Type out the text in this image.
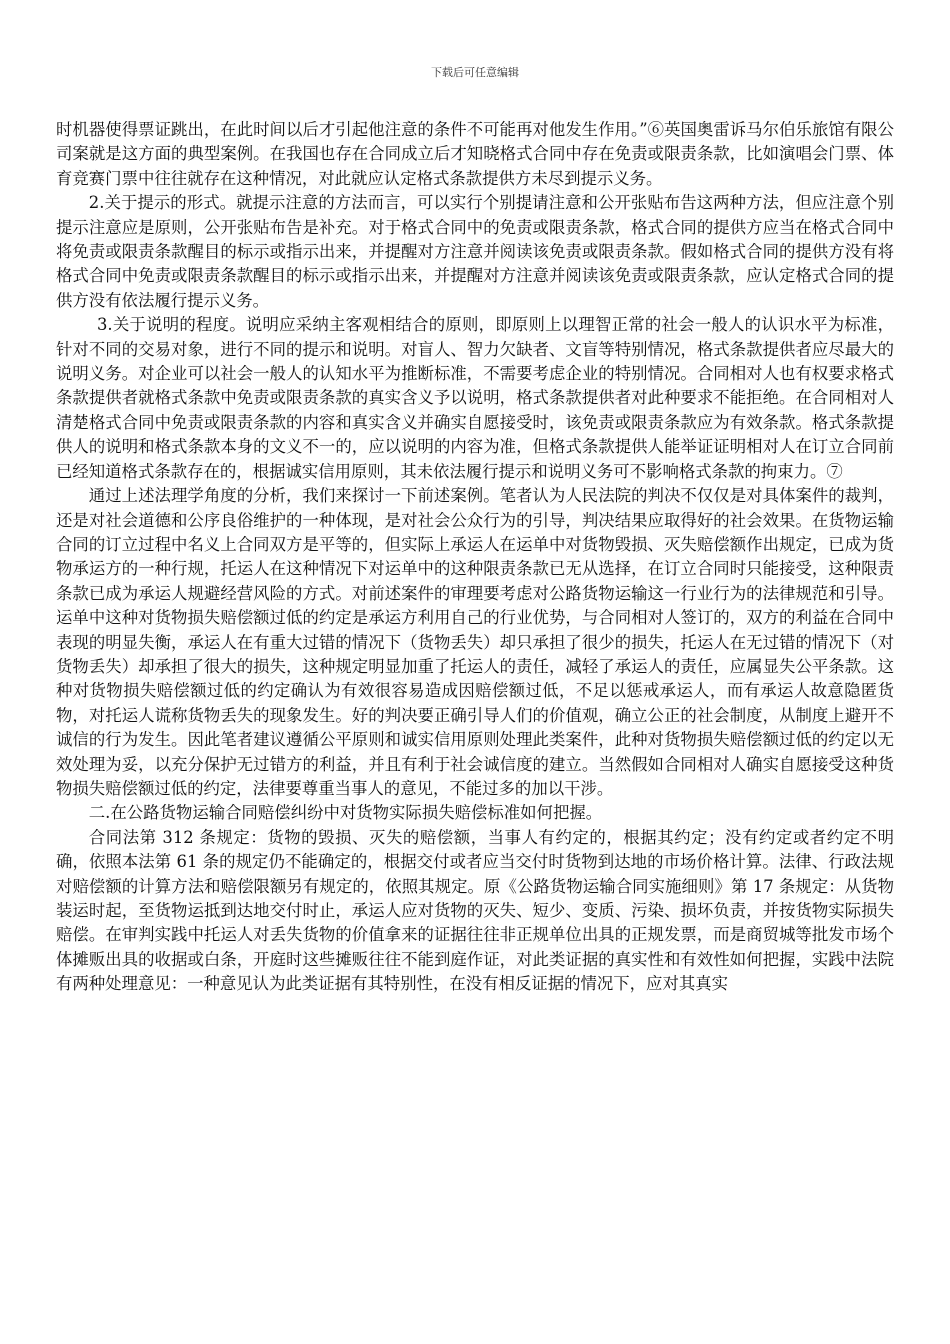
下载后可任意编辑

时机器使得票证跳出，在此时间以后才引起他注意的条件不可能再对他发生作用。”⑥英国奥雷诉马尔伯乐旅馆有限公司案就是这方面的典型案例。在我国也存在合同成立后才知晓格式合同中存在免责或限责条款，比如演唱会门票、体育竞赛门票中往往就存在这种情况，对此就应认定格式条款提供方未尽到提示义务。

2.关于提示的形式。就提示注意的方法而言，可以实行个别提请注意和公开张贴布告这两种方法，但应注意个别提示注意应是原则，公开张贴布告是补充。对于格式合同中的免责或限责条款，格式合同的提供方应当在格式合同中将免责或限责条款醒目的标示或指示出来，并提醒对方注意并阅读该免责或限责条款。假如格式合同的提供方没有将格式合同中免责或限责条款醒目的标示或指示出来，并提醒对方注意并阅读该免责或限责条款，应认定格式合同的提供方没有依法履行提示义务。

3.关于说明的程度。说明应采纳主客观相结合的原则，即原则上以理智正常的社会一般人的认识水平为标准，针对不同的交易对象，进行不同的提示和说明。对盲人、智力欠缺者、文盲等特别情况，格式条款提供者应尽最大的说明义务。对企业可以社会一般人的认知水平为推断标准，不需要考虑企业的特别情况。合同相对人也有权要求格式条款提供者就格式条款中免责或限责条款的真实含义予以说明，格式条款提供者对此种要求不能拒绝。在合同相对人清楚格式合同中免责或限责条款的内容和真实含义并确实自愿接受时，该免责或限责条款应为有效条款。格式条款提供人的说明和格式条款本身的文义不一的，应以说明的内容为准，但格式条款提供人能举证证明相对人在订立合同前已经知道格式条款存在的，根据诚实信用原则，其未依法履行提示和说明义务可不影响格式条款的拘束力。⑦

通过上述法理学角度的分析，我们来探讨一下前述案例。笔者认为人民法院的判决不仅仅是对具体案件的裁判，还是对社会道德和公序良俗维护的一种体现，是对社会公众行为的引导，判决结果应取得好的社会效果。在货物运输合同的订立过程中名义上合同双方是平等的，但实际上承运人在运单中对货物毁损、灭失赔偿额作出规定，已成为货物承运方的一种行规，托运人在这种情况下对运单中的这种限责条款已无从选择，在订立合同时只能接受，这种限责条款已成为承运人规避经营风险的方式。对前述案件的审理要考虑对公路货物运输这一行业行为的法律规范和引导。运单中这种对货物损失赔偿额过低的约定是承运方利用自己的行业优势，与合同相对人签订的，双方的利益在合同中表现的明显失衡，承运人在有重大过错的情况下（货物丢失）却只承担了很少的损失，托运人在无过错的情况下（对货物丢失）却承担了很大的损失，这种规定明显加重了托运人的责任，减轻了承运人的责任，应属显失公平条款。这种对货物损失赔偿额过低的约定确认为有效很容易造成因赔偿额过低，不足以惩戒承运人，而有承运人故意隐匿货物，对托运人谎称货物丢失的现象发生。好的判决要正确引导人们的价值观，确立公正的社会制度，从制度上避开不诚信的行为发生。因此笔者建议遵循公平原则和诚实信用原则处理此类案件，此种对货物损失赔偿额过低的约定以无效处理为妥，以充分保护无过错方的利益，并且有利于社会诚信度的建立。当然假如合同相对人确实自愿接受这种货物损失赔偿额过低的约定，法律要尊重当事人的意见，不能过多的加以干涉。

二.在公路货物运输合同赔偿纠纷中对货物实际损失赔偿标准如何把握。

合同法第 312 条规定：货物的毁损、灭失的赔偿额，当事人有约定的，根据其约定；没有约定或者约定不明确，依照本法第 61 条的规定仍不能确定的，根据交付或者应当交付时货物到达地的市场价格计算。法律、行政法规对赔偿额的计算方法和赔偿限额另有规定的，依照其规定。原《公路货物运输合同实施细则》第 17 条规定：从货物装运时起，至货物运抵到达地交付时止，承运人应对货物的灭失、短少、变质、污染、损坏负责，并按货物实际损失赔偿。在审判实践中托运人对丢失货物的价值拿来的证据往往非正规单位出具的正规发票，而是商贸城等批发市场个体摊贩出具的收据或白条，开庭时这些摊贩往往不能到庭作证，对此类证据的真实性和有效性如何把握，实践中法院有两种处理意见：一种意见认为此类证据有其特别性，在没有相反证据的情况下，应对其真实
